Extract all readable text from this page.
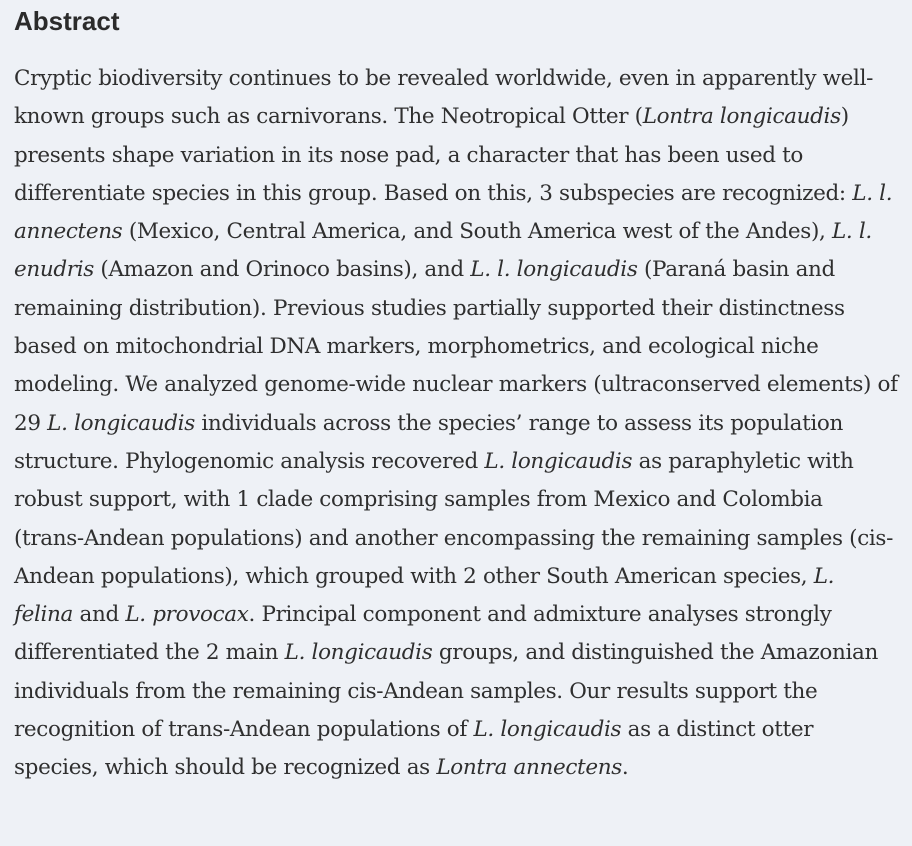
Abstract

Cryptic biodiversity continues to be revealed worldwide, even in apparently well-known groups such as carnivorans. The Neotropical Otter (Lontra longicaudis) presents shape variation in its nose pad, a character that has been used to differentiate species in this group. Based on this, 3 subspecies are recognized: L. l. annectens (Mexico, Central America, and South America west of the Andes), L. l. enudris (Amazon and Orinoco basins), and L. l. longicaudis (Paraná basin and remaining distribution). Previous studies partially supported their distinctness based on mitochondrial DNA markers, morphometrics, and ecological niche modeling. We analyzed genome-wide nuclear markers (ultraconserved elements) of 29 L. longicaudis individuals across the species’ range to assess its population structure. Phylogenomic analysis recovered L. longicaudis as paraphyletic with robust support, with 1 clade comprising samples from Mexico and Colombia (trans-Andean populations) and another encompassing the remaining samples (cis-Andean populations), which grouped with 2 other South American species, L. felina and L. provocax. Principal component and admixture analyses strongly differentiated the 2 main L. longicaudis groups, and distinguished the Amazonian individuals from the remaining cis-Andean samples. Our results support the recognition of trans-Andean populations of L. longicaudis as a distinct otter species, which should be recognized as Lontra annectens.
